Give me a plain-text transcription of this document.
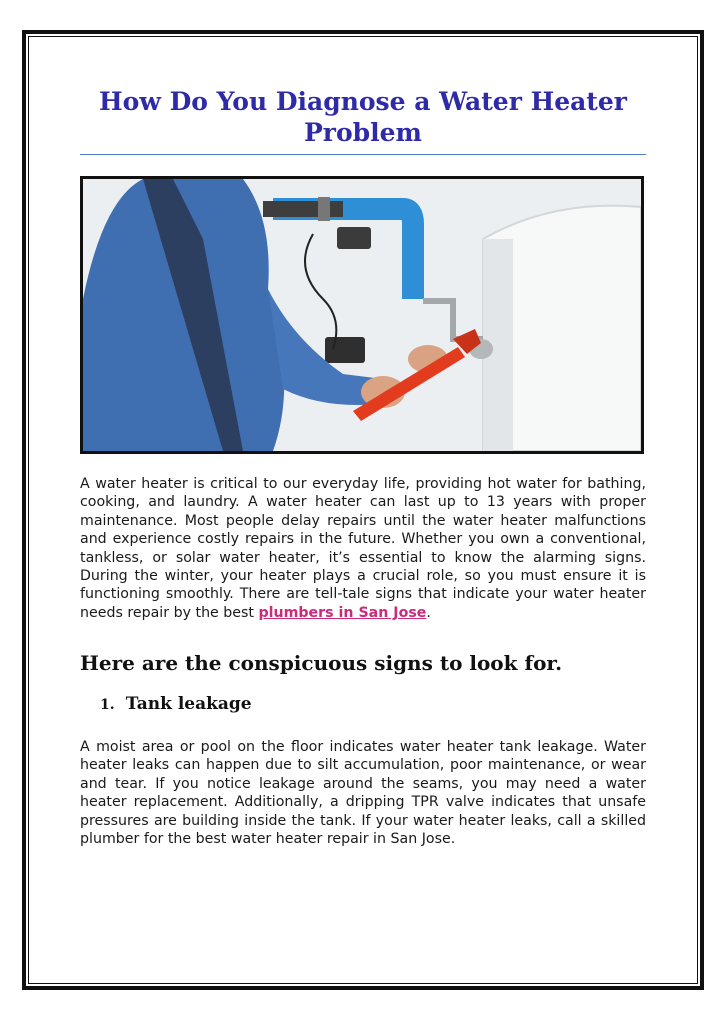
How Do You Diagnose a Water Heater Problem

A water heater is critical to our everyday life, providing hot water for bathing, cooking, and laundry. A water heater can last up to 13 years with proper maintenance. Most people delay repairs until the water heater malfunctions and experience costly repairs in the future. Whether you own a conventional, tankless, or solar water heater, it’s essential to know the alarming signs. During the winter, your heater plays a crucial role, so you must ensure it is functioning smoothly. There are tell-tale signs that indicate your water heater needs repair by the best plumbers in San Jose.

Here are the conspicuous signs to look for.
1. Tank leakage

A moist area or pool on the floor indicates water heater tank leakage. Water heater leaks can happen due to silt accumulation, poor maintenance, or wear and tear. If you notice leakage around the seams, you may need a water heater replacement. Additionally, a dripping TPR valve indicates that unsafe pressures are building inside the tank. If your water heater leaks, call a skilled plumber for the best water heater repair in San Jose.
